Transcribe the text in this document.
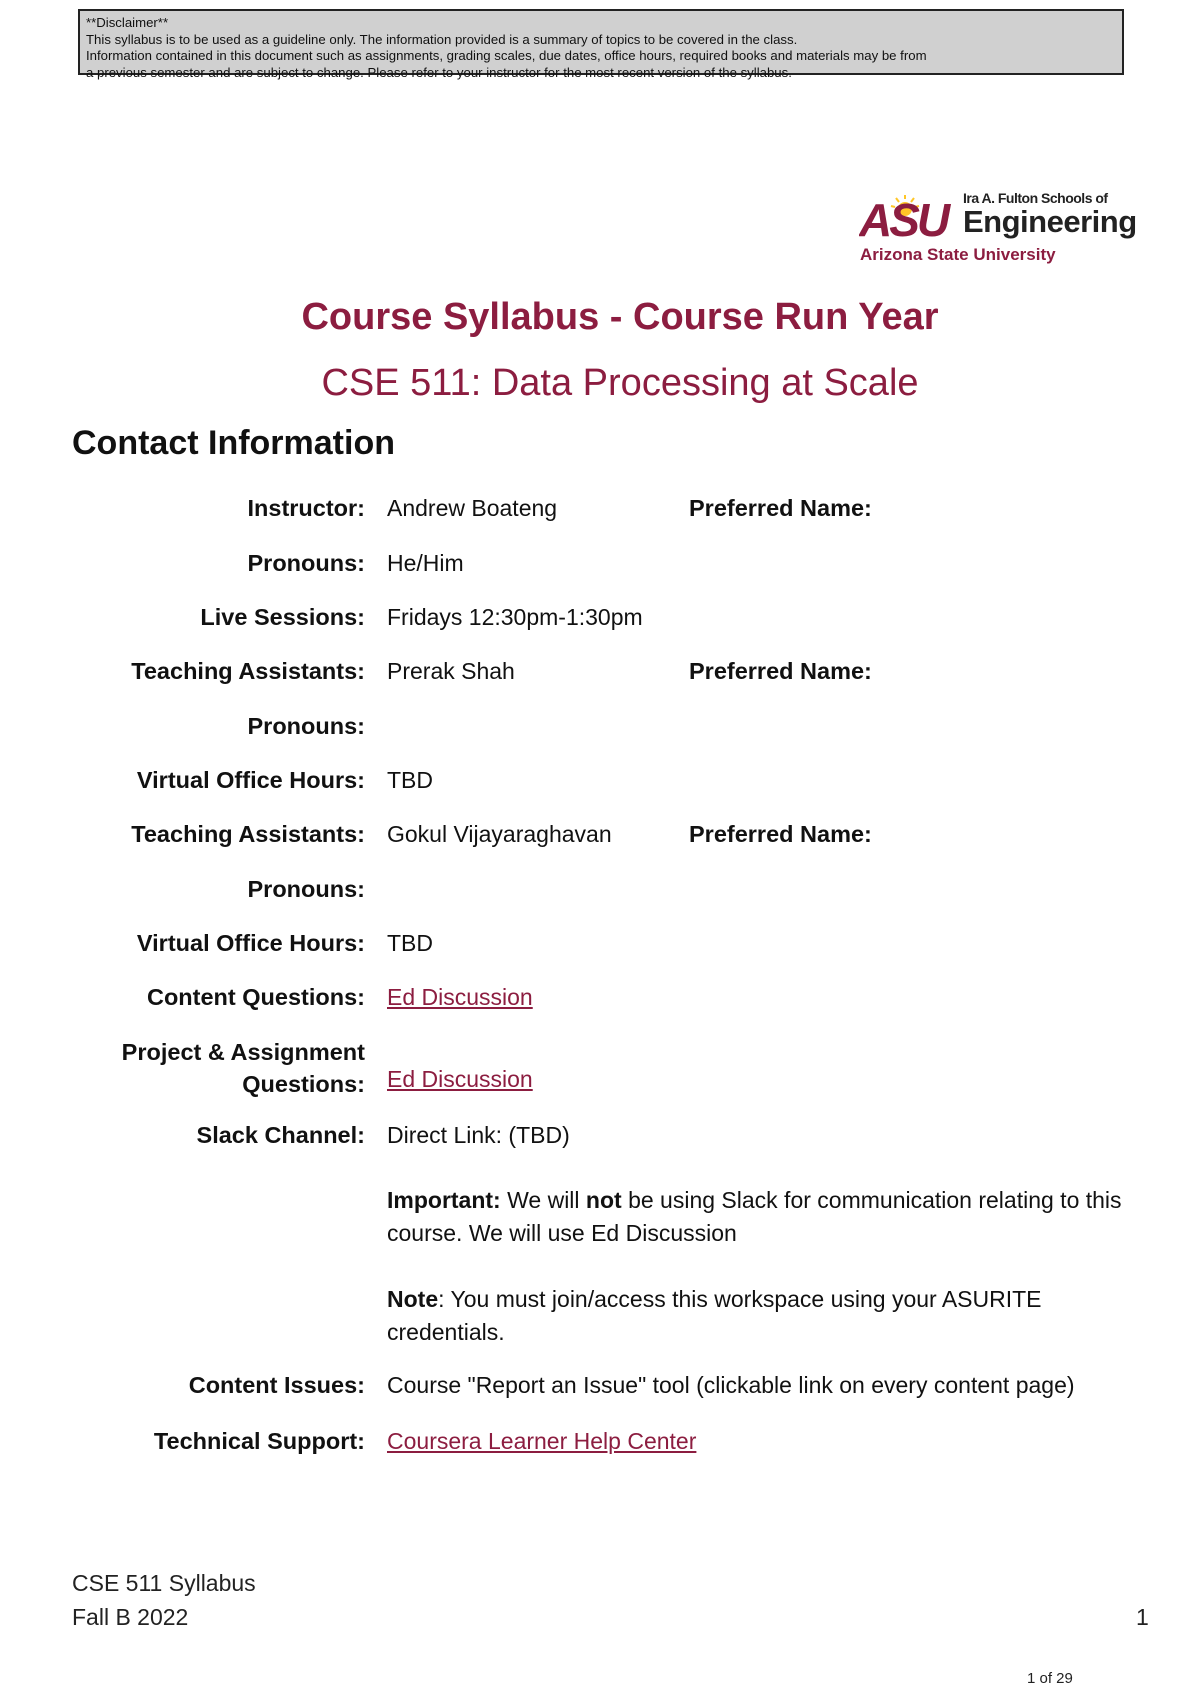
**Disclaimer**
This syllabus is to be used as a guideline only. The information provided is a summary of topics to be covered in the class.
Information contained in this document such as assignments, grading scales, due dates, office hours, required books and materials may be from
a previous semester and are subject to change. Please refer to your instructor for the most recent version of the syllabus.
ASU	Ira A. Fulton Schools of
Engineering
Arizona State University
Course Syllabus - Course Run Year
CSE 511: Data Processing at Scale
Contact Information
Instructor: Andrew Boateng	Preferred Name:
Pronouns: He/Him
Live Sessions: Fridays 12:30pm-1:30pm
Teaching Assistants: Prerak Shah	Preferred Name:
Pronouns:
Virtual Office Hours: TBD
Teaching Assistants: Gokul Vijayaraghavan	Preferred Name:
Pronouns:
Virtual Office Hours: TBD
Content Questions: Ed Discussion
Project & Assignment
Questions: Ed Discussion
Slack Channel: Direct Link: (TBD)
Important: We will not be using Slack for communication relating to this course. We will use Ed Discussion
Note: You must join/access this workspace using your ASURITE credentials.
Content Issues: Course "Report an Issue" tool (clickable link on every content page)
Technical Support: Coursera Learner Help Center
CSE 511 Syllabus
Fall B 2022	1
1 of 29
